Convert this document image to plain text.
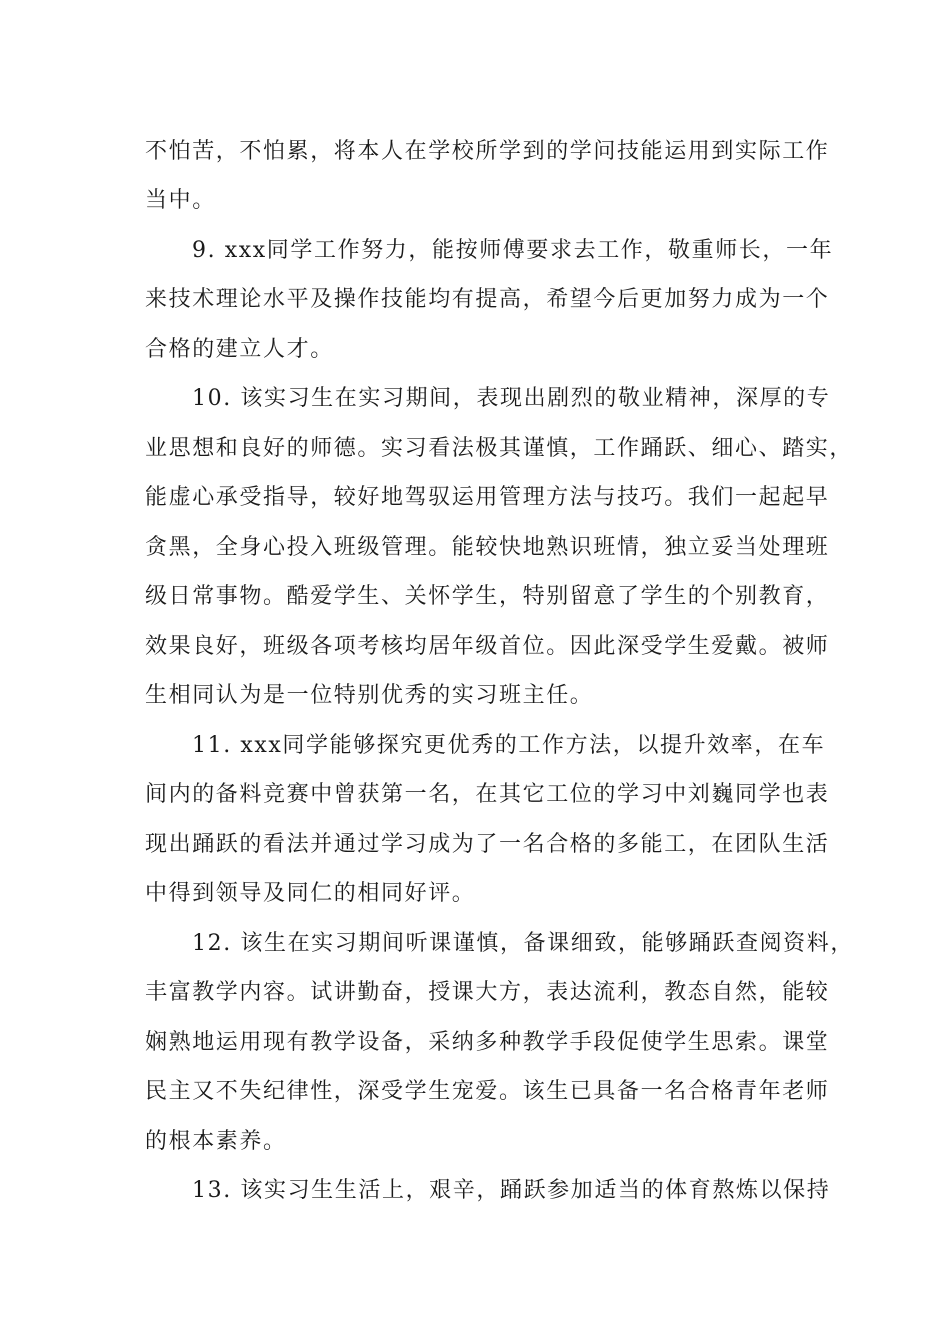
不怕苦，不怕累，将本人在学校所学到的学问技能运用到实际工作
当中。
9. xxx同学工作努力，能按师傅要求去工作，敬重师长，一年
来技术理论水平及操作技能均有提高，希望今后更加努力成为一个
合格的建立人才。
10. 该实习生在实习期间，表现出剧烈的敬业精神，深厚的专
业思想和良好的师德。实习看法极其谨慎，工作踊跃、细心、踏实，
能虚心承受指导，较好地驾驭运用管理方法与技巧。我们一起起早
贪黑，全身心投入班级管理。能较快地熟识班情，独立妥当处理班
级日常事物。酷爱学生、关怀学生，特别留意了学生的个别教育，
效果良好，班级各项考核均居年级首位。因此深受学生爱戴。被师
生相同认为是一位特别优秀的实习班主任。
11. xxx同学能够探究更优秀的工作方法，以提升效率，在车
间内的备料竞赛中曾获第一名，在其它工位的学习中刘巍同学也表
现出踊跃的看法并通过学习成为了一名合格的多能工，在团队生活
中得到领导及同仁的相同好评。
12. 该生在实习期间听课谨慎，备课细致，能够踊跃查阅资料，
丰富教学内容。试讲勤奋，授课大方，表达流利，教态自然，能较
娴熟地运用现有教学设备，采纳多种教学手段促使学生思索。课堂
民主又不失纪律性，深受学生宠爱。该生已具备一名合格青年老师
的根本素养。
13. 该实习生生活上，艰辛，踊跃参加适当的体育熬炼以保持
